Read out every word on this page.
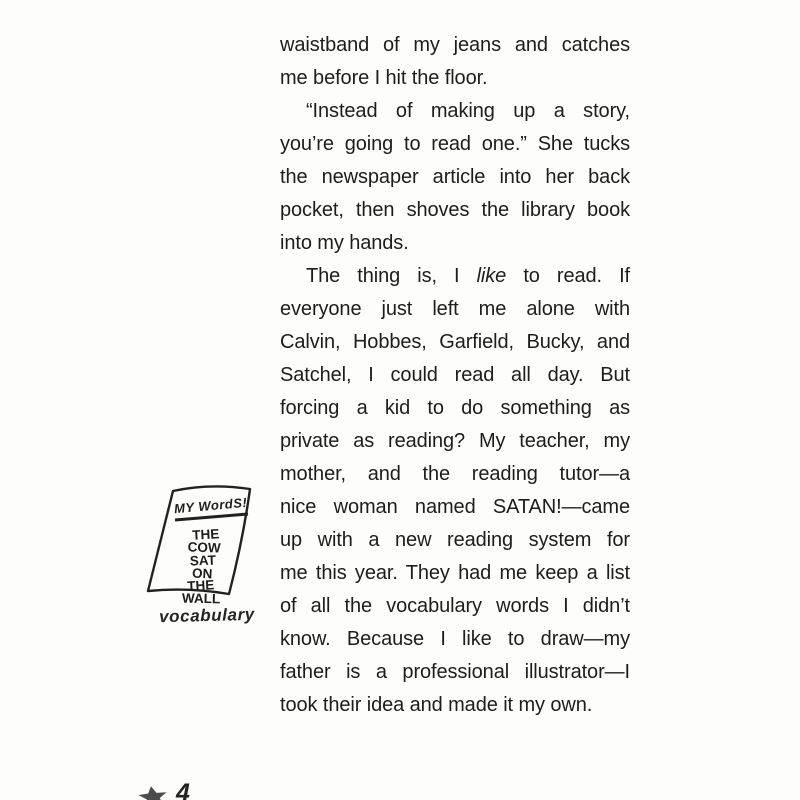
waistband of my jeans and catches
me before I hit the floor.
“Instead of making up a story,
you’re going to read one.” She tucks
the newspaper article into her back
pocket, then shoves the library book
into my hands.
The thing is, I like to read. If
everyone just left me alone with
Calvin, Hobbes, Garfield, Bucky, and
Satchel, I could read all day. But
forcing a kid to do something as
private as reading? My teacher, my
mother, and the reading tutor—a
nice woman named SATAN!—came
up with a new reading system for
me this year. They had me keep a list
of all the vocabulary words I didn’t
know. Because I like to draw—my
father is a professional illustrator—I
took their idea and made it my own.
MY WordS!
THE
COW
SAT
ON
THE
WALL
vocabulary
4
